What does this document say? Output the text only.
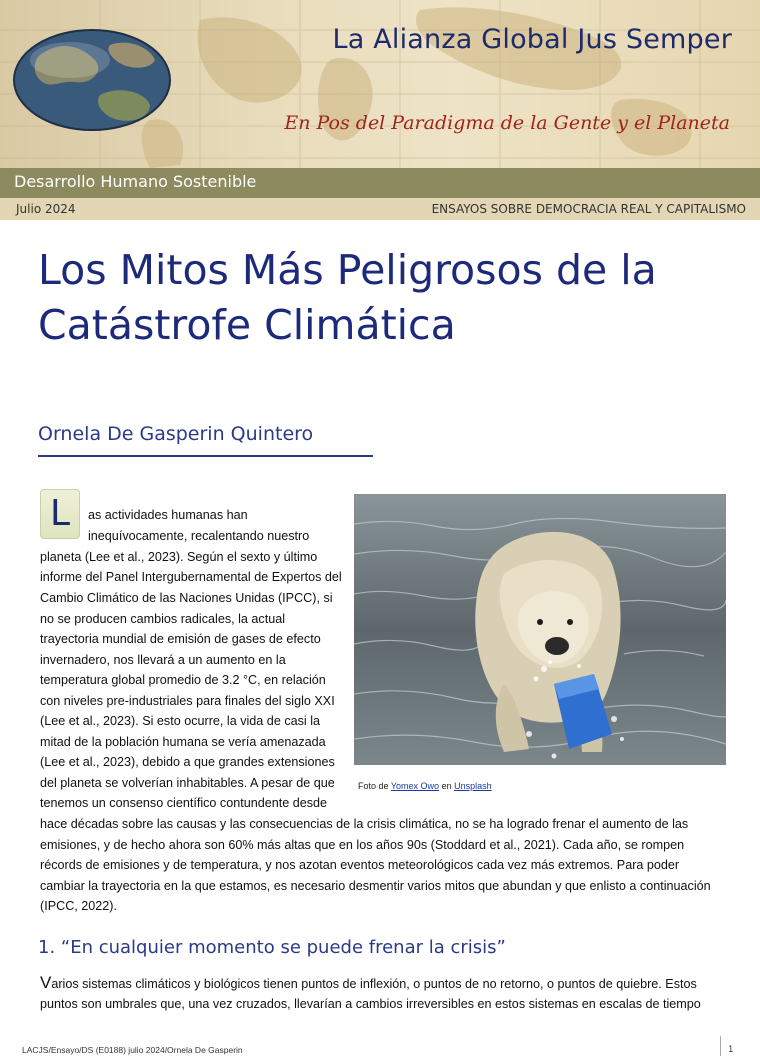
La Alianza Global Jus Semper
En Pos del Paradigma de la Gente y el Planeta
Desarrollo Humano Sostenible
Julio 2024	ENSAYOS SOBRE DEMOCRACIA REAL Y CAPITALISMO
Los Mitos Más Peligrosos de la
Catástrofe Climática
Ornela De Gasperin Quintero
L	as actividades humanas han
inequívocamente, recalentando nuestro
planeta (Lee et al., 2023). Según el sexto y último
informe del Panel Intergubernamental de Expertos del
Cambio Climático de las Naciones Unidas (IPCC), si
no se producen cambios radicales, la actual
trayectoria mundial de emisión de gases de efecto
invernadero, nos llevará a un aumento en la
temperatura global promedio de 3.2 °C, en relación
con niveles pre-industriales para finales del siglo XXI
(Lee et al., 2023). Si esto ocurre, la vida de casi la
mitad de la población humana se vería amenazada
(Lee et al., 2023), debido a que grandes extensiones
del planeta se volverían inhabitables. A pesar de que
tenemos un consenso científico contundente desde
Foto de Yomex Owo en Unsplash
hace décadas sobre las causas y las consecuencias de la crisis climática, no se ha logrado frenar el aumento de las
emisiones, y de hecho ahora son 60% más altas que en los años 90s (Stoddard et al., 2021). Cada año, se rompen
récords de emisiones y de temperatura, y nos azotan eventos meteorológicos cada vez más extremos. Para poder
cambiar la trayectoria en la que estamos, es necesario desmentir varios mitos que abundan y que enlisto a continuación
(IPCC, 2022).
1. “En cualquier momento se puede frenar la crisis”
Varios sistemas climáticos y biológicos tienen puntos de inflexión, o puntos de no retorno, o puntos de quiebre. Estos
puntos son umbrales que, una vez cruzados, llevarían a cambios irreversibles en estos sistemas en escalas de tiempo
LACJS/Ensayo/DS (E0188) julio 2024/Ornela De Gasperin	1
